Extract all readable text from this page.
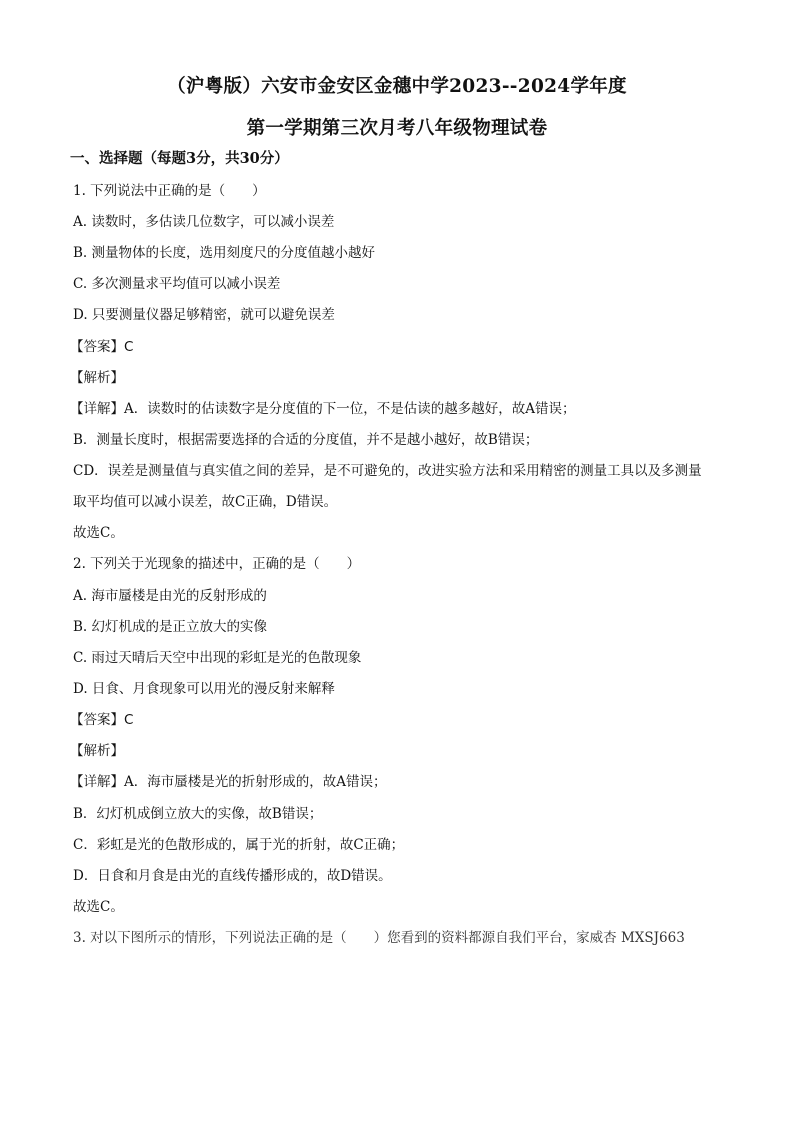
（沪粤版）六安市金安区金穗中学2023--2024学年度
第一学期第三次月考八年级物理试卷
一、选择题（每题3分，共30分）
1. 下列说法中正确的是（　　）
A. 读数时，多估读几位数字，可以减小误差
B. 测量物体的长度，选用刻度尺的分度值越小越好
C. 多次测量求平均值可以减小误差
D. 只要测量仪器足够精密，就可以避免误差
【答案】C
【解析】
【详解】A．读数时的估读数字是分度值的下一位，不是估读的越多越好，故A错误；
B．测量长度时，根据需要选择的合适的分度值，并不是越小越好，故B错误；
CD．误差是测量值与真实值之间的差异，是不可避免的，改进实验方法和采用精密的测量工具以及多测量
取平均值可以减小误差，故C正确，D错误。
故选C。
2. 下列关于光现象的描述中，正确的是（　　）
A. 海市蜃楼是由光的反射形成的
B. 幻灯机成的是正立放大的实像
C. 雨过天晴后天空中出现的彩虹是光的色散现象
D. 日食、月食现象可以用光的漫反射来解释
【答案】C
【解析】
【详解】A．海市蜃楼是光的折射形成的，故A错误；
B．幻灯机成倒立放大的实像，故B错误；
C．彩虹是光的色散形成的，属于光的折射，故C正确；
D．日食和月食是由光的直线传播形成的，故D错误。
故选C。
3. 对以下图所示的情形，下列说法正确的是（　　）您看到的资料都源自我们平台，家威杏 MXSJ663
